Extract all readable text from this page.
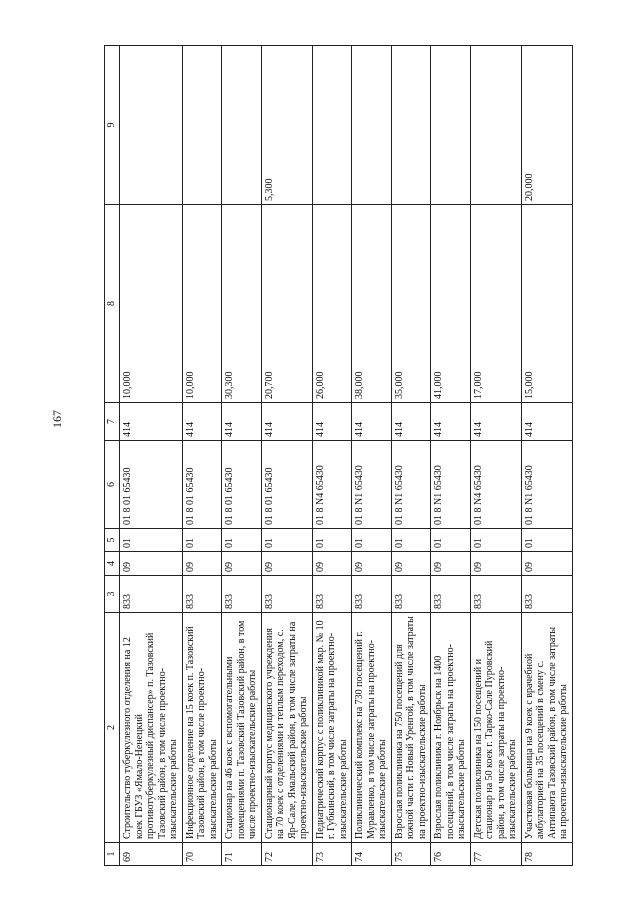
167
1	2	3	4	5	6	7	8	9
69	Строительство туберкулезного отделения на 12 коек ГБУЗ «Ямало-Ненецкий противотуберкулезный диспансер» п. Тазовский Тазовский район, в том числе проектно-изыскательские работы	833	09	01	01 8 01 65430	414	10,000	
70	Инфекционное отделение на 15 коек п. Тазовский Тазовский район, в том числе проектно-изыскательские работы	833	09	01	01 8 01 65430	414	10,000	
71	Стационар на 46 коек с вспомогательными помещениями п. Тазовский Тазовский район, в том числе проектно-изыскательские работы	833	09	01	01 8 01 65430	414	30,300	
72	Стационарный корпус медицинского учреждения на 70 коек с отделениями и теплым переходом, с. Яр-Сале, Ямальский район, в том числе затраты на проектно-изыскательские работы	833	09	01	01 8 01 65430	414	20,700	5,300
73	Педиатрический корпус с поликлиникой мкр. № 10 г. Губкинский, в том числе затраты на проектно-изыскательские работы	833	09	01	01 8 N4 65430	414	26,000	
74	Поликлинический комплекс на 730 посещений г. Муравленко, в том числе затраты на проектно-изыскательские работы	833	09	01	01 8 N1 65430	414	38,000	
75	Взрослая поликлиника на 750 посещений для южной части г. Новый Уренгой, в том числе затраты на проектно-изыскательские работы	833	09	01	01 8 N1 65430	414	35,000	
76	Взрослая поликлиника г. Ноябрьск на 1400 посещений, в том числе затраты на проектно-изыскательские работы	833	09	01	01 8 N1 65430	414	41,000	
77	Детская поликлиника на 150 посещений и стационар на 50 коек г. Тарко-Сале Пуровский район, в том числе затраты на проектно-изыскательские работы	833	09	01	01 8 N4 65430	414	17,000	
78	Участковая больница на 9 коек с врачебной амбулаторией на 35 посещений в смену с. Антипаюта Тазовский район, в том числе затраты на проектно-изыскательские работы	833	09	01	01 8 N1 65430	414	15,000	20,000
